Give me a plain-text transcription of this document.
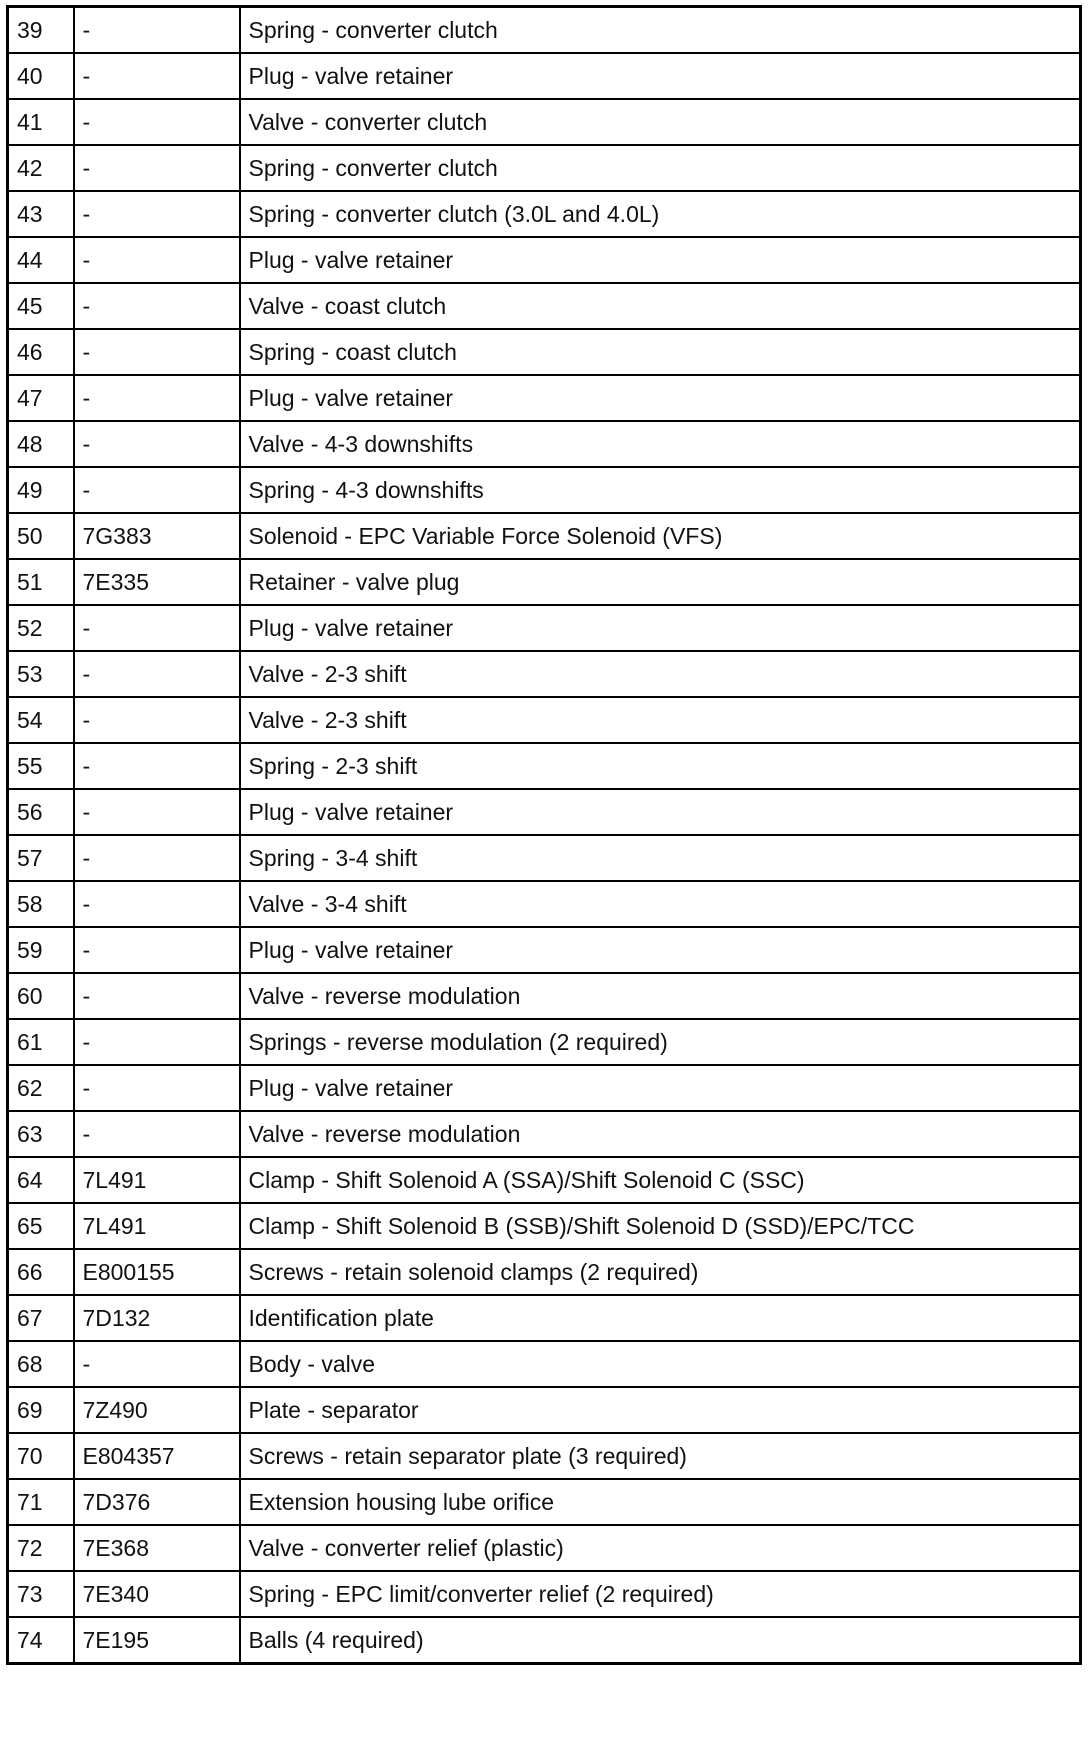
39	-	Spring - converter clutch
40	-	Plug - valve retainer
41	-	Valve - converter clutch
42	-	Spring - converter clutch
43	-	Spring - converter clutch (3.0L and 4.0L)
44	-	Plug - valve retainer
45	-	Valve - coast clutch
46	-	Spring - coast clutch
47	-	Plug - valve retainer
48	-	Valve - 4-3 downshifts
49	-	Spring - 4-3 downshifts
50	7G383	Solenoid - EPC Variable Force Solenoid (VFS)
51	7E335	Retainer - valve plug
52	-	Plug - valve retainer
53	-	Valve - 2-3 shift
54	-	Valve - 2-3 shift
55	-	Spring - 2-3 shift
56	-	Plug - valve retainer
57	-	Spring - 3-4 shift
58	-	Valve - 3-4 shift
59	-	Plug - valve retainer
60	-	Valve - reverse modulation
61	-	Springs - reverse modulation (2 required)
62	-	Plug - valve retainer
63	-	Valve - reverse modulation
64	7L491	Clamp - Shift Solenoid A (SSA)/Shift Solenoid C (SSC)
65	7L491	Clamp - Shift Solenoid B (SSB)/Shift Solenoid D (SSD)/EPC/TCC
66	E800155	Screws - retain solenoid clamps (2 required)
67	7D132	Identification plate
68	-	Body - valve
69	7Z490	Plate - separator
70	E804357	Screws - retain separator plate (3 required)
71	7D376	Extension housing lube orifice
72	7E368	Valve - converter relief (plastic)
73	7E340	Spring - EPC limit/converter relief (2 required)
74	7E195	Balls (4 required)
